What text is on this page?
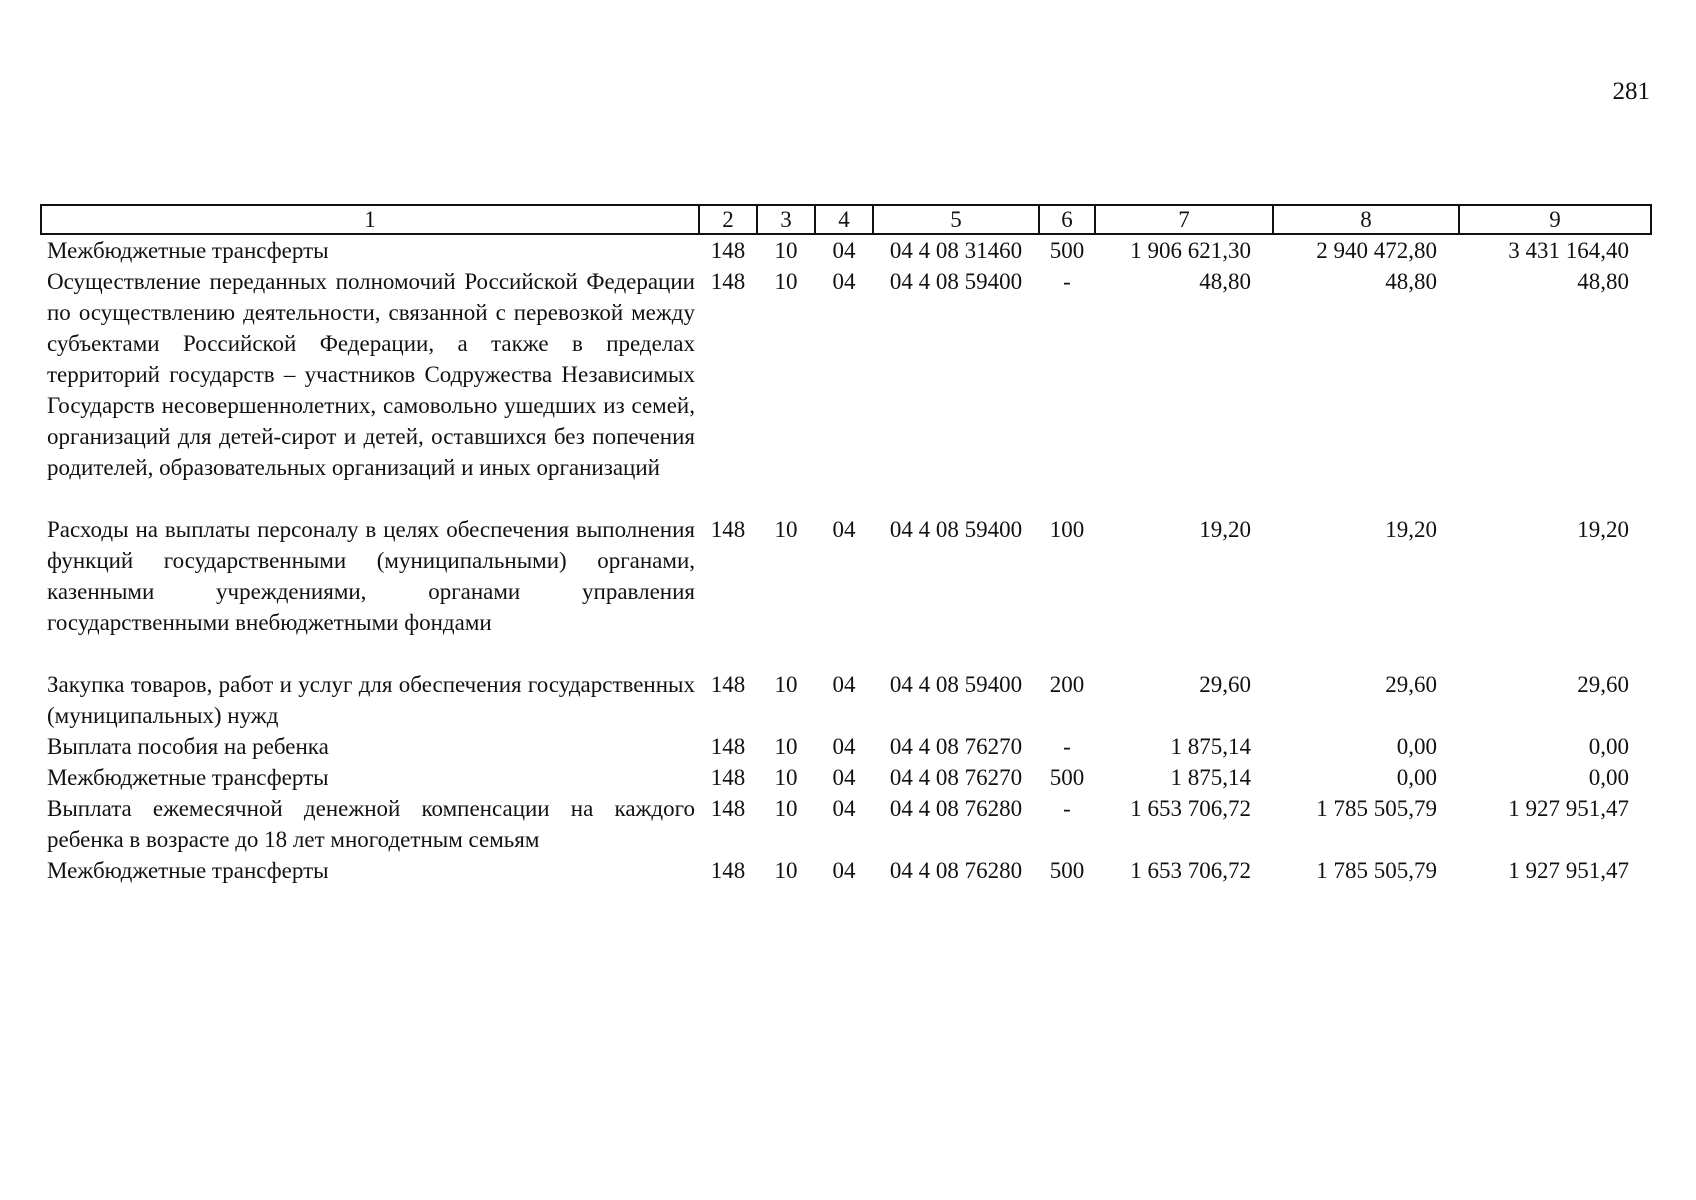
281
1	2	3	4	5	6	7	8	9
Межбюджетные трансферты	148	10	04	04 4 08 31460	500	1 906 621,30	2 940 472,80	3 431 164,40
Осуществление переданных полномочий Российской Федерации по осуществлению деятельности, связанной с перевозкой между субъектами Российской Федерации, а также в пределах территорий государств – участников Содружества Независимых Государств несовершеннолетних, самовольно ушедших из семей, организаций для детей-сирот и детей, оставшихся без попечения родителей, образовательных организаций и иных организаций	148	10	04	04 4 08 59400	-	48,80	48,80	48,80
Расходы на выплаты персоналу в целях обеспечения выполнения функций государственными (муниципальными) органами, казенными учреждениями, органами управления государственными внебюджетными фондами	148	10	04	04 4 08 59400	100	19,20	19,20	19,20
Закупка товаров, работ и услуг для обеспечения государственных (муниципальных) нужд	148	10	04	04 4 08 59400	200	29,60	29,60	29,60
Выплата пособия на ребенка	148	10	04	04 4 08 76270	-	1 875,14	0,00	0,00
Межбюджетные трансферты	148	10	04	04 4 08 76270	500	1 875,14	0,00	0,00
Выплата ежемесячной денежной компенсации на каждого ребенка в возрасте до 18 лет многодетным семьям	148	10	04	04 4 08 76280	-	1 653 706,72	1 785 505,79	1 927 951,47
Межбюджетные трансферты	148	10	04	04 4 08 76280	500	1 653 706,72	1 785 505,79	1 927 951,47
